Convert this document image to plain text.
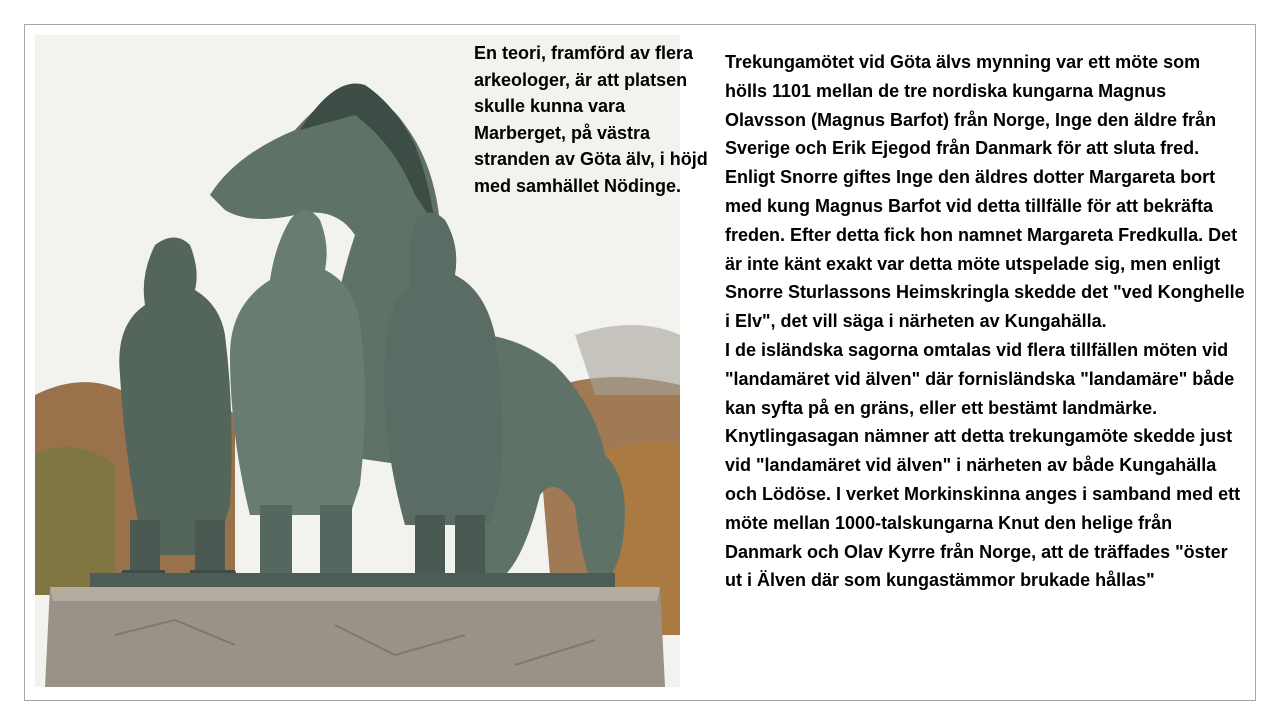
En teori, framförd av flera arkeologer, är att platsen skulle kunna vara Marberget, på västra stranden av Göta älv, i höjd med samhället Nödinge.

Trekungamötet vid Göta älvs mynning var ett möte som hölls 1101 mellan de tre nordiska kungarna Magnus Olavsson (Magnus Barfot) från Norge, Inge den äldre från Sverige och Erik Ejegod från Danmark för att sluta fred. Enligt Snorre giftes Inge den äldres dotter Margareta bort med kung Magnus Barfot vid detta tillfälle för att bekräfta freden. Efter detta fick hon namnet Margareta Fredkulla. Det är inte känt exakt var detta möte utspelade sig, men enligt Snorre Sturlassons Heimskringla skedde det "ved Konghelle i Elv", det vill säga i närheten av Kungahälla.

I de isländska sagorna omtalas vid flera tillfällen möten vid "landamäret vid älven" där fornisländska "landamäre" både kan syfta på en gräns, eller ett bestämt landmärke. Knytlingasagan nämner att detta trekungamöte skedde just vid "landamäret vid älven" i närheten av både Kungahälla och Lödöse. I verket Morkinskinna anges i samband med ett möte mellan 1000-talskungarna Knut den helige från Danmark och Olav Kyrre från Norge, att de träffades "öster ut i Älven där som kungastämmor brukade hållas"
